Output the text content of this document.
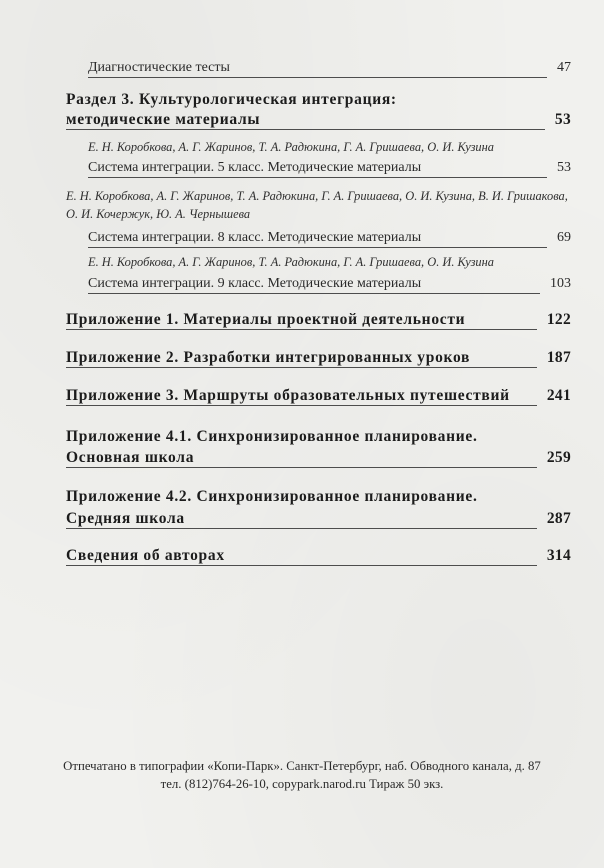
Диагностические тесты	47
Раздел 3. Культурологическая интеграция:
методические материалы	53
Е. Н. Коробкова, А. Г. Жаринов, Т. А. Радюкина, Г. А. Гришаева, О. И. Кузина
Система интеграции. 5 класс. Методические материалы	53
Е. Н. Коробкова, А. Г. Жаринов, Т. А. Радюкина, Г. А. Гришаева, О. И. Кузина, В. И. Гришакова,
О. И. Кочержук, Ю. А. Чернышева
Система интеграции. 8 класс. Методические материалы	69
Е. Н. Коробкова, А. Г. Жаринов, Т. А. Радюкина, Г. А. Гришаева, О. И. Кузина
Система интеграции. 9 класс. Методические материалы	103
Приложение 1. Материалы проектной деятельности	122
Приложение 2. Разработки интегрированных уроков	187
Приложение 3. Маршруты образовательных путешествий	241
Приложение 4.1. Синхронизированное планирование.
Основная школа	259
Приложение 4.2. Синхронизированное планирование.
Средняя школа	287
Сведения об авторах	314
Отпечатано в типографии «Копи-Парк». Санкт-Петербург, наб. Обводного канала, д. 87
тел. (812)764-26-10, copypark.narod.ru Тираж 50 экз.
